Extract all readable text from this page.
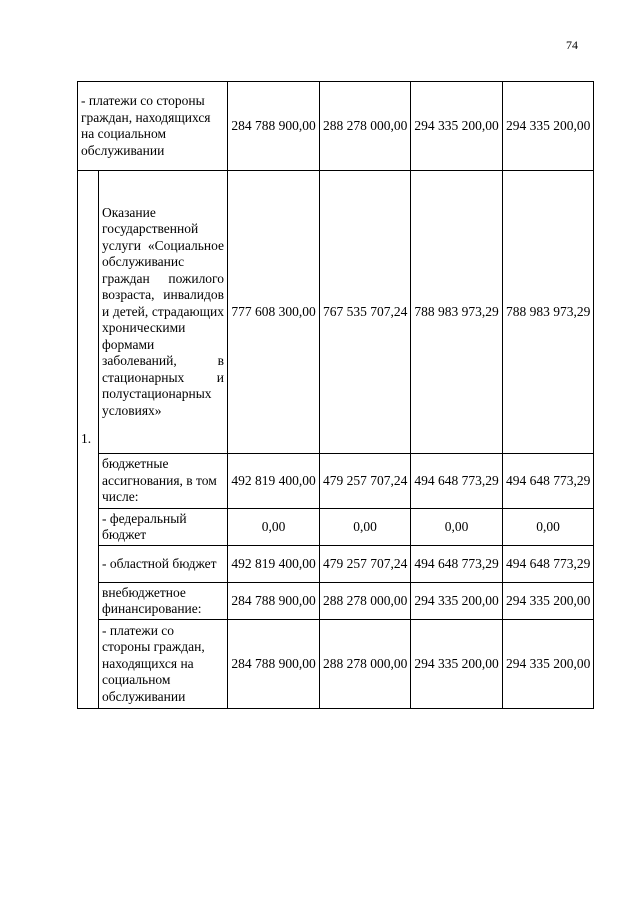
74
- платежи со стороны граждан, находящихся на социальном обслуживании		284 788 900,00	288 278 000,00	294 335 200,00	294 335 200,00
1.	Оказание государственной услуги «Социальное обслуживанис граждан пожилого возраста, инвалидов и детей, страдающих хроническими формами заболеваний, в стационарных и полустационарных условиях»	777 608 300,00	767 535 707,24	788 983 973,29	788 983 973,29
	бюджетные ассигнования, в том числе:	492 819 400,00	479 257 707,24	494 648 773,29	494 648 773,29
	- федеральный бюджет	0,00	0,00	0,00	0,00
	- областной бюджет	492 819 400,00	479 257 707,24	494 648 773,29	494 648 773,29
	внебюджетное финансирование:	284 788 900,00	288 278 000,00	294 335 200,00	294 335 200,00
	- платежи со стороны граждан, находящихся на социальном обслуживании	284 788 900,00	288 278 000,00	294 335 200,00	294 335 200,00
